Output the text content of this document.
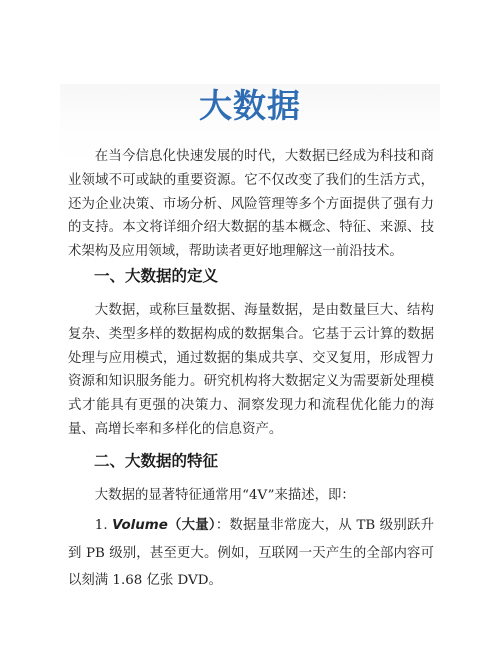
大数据

在当今信息化快速发展的时代，大数据已经成为科技和商业领域不可或缺的重要资源。它不仅改变了我们的生活方式，还为企业决策、市场分析、风险管理等多个方面提供了强有力的支持。本文将详细介绍大数据的基本概念、特征、来源、技术架构及应用领域，帮助读者更好地理解这一前沿技术。

一、大数据的定义

大数据，或称巨量数据、海量数据，是由数量巨大、结构复杂、类型多样的数据构成的数据集合。它基于云计算的数据处理与应用模式，通过数据的集成共享、交叉复用，形成智力资源和知识服务能力。研究机构将大数据定义为需要新处理模式才能具有更强的决策力、洞察发现力和流程优化能力的海量、高增长率和多样化的信息资产。

二、大数据的特征

大数据的显著特征通常用“4V”来描述，即：

1. Volume（大量）：数据量非常庞大，从 TB 级别跃升到 PB 级别，甚至更大。例如，互联网一天产生的全部内容可以刻满 1.68 亿张 DVD。
